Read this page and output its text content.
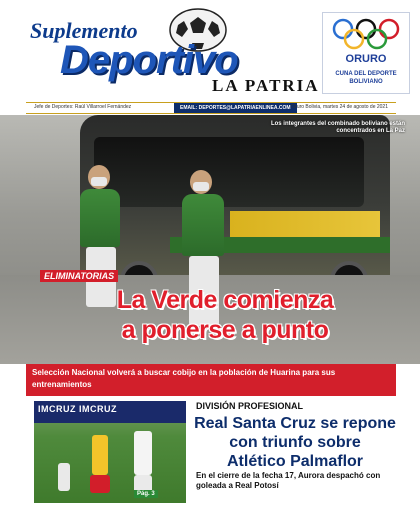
Suplemento
Deportivo
LA PATRIA
ORURO
CUNA DEL DEPORTE BOLIVIANO
Jefe de Deportes: Raúl Villarroel Fernández	EMAIL: DEPORTES@LAPATRIAENLINEA.COM Oruro Bolivia, martes 24 de agosto de 2021
Los integrantes del combinado boliviano están concentrados en La Paz
ELIMINATORIAS
La Verde comienza
a ponerse a punto
Selección Nacional volverá a buscar cobijo en la población de Huarina para sus entrenamientos
IMCRUZ IMCRUZ
Pág. 3
DIVISIÓN PROFESIONAL
Real Santa Cruz se repone
con triunfo sobre
Atlético Palmaflor
En el cierre de la fecha 17, Aurora despachó con goleada a Real Potosí
